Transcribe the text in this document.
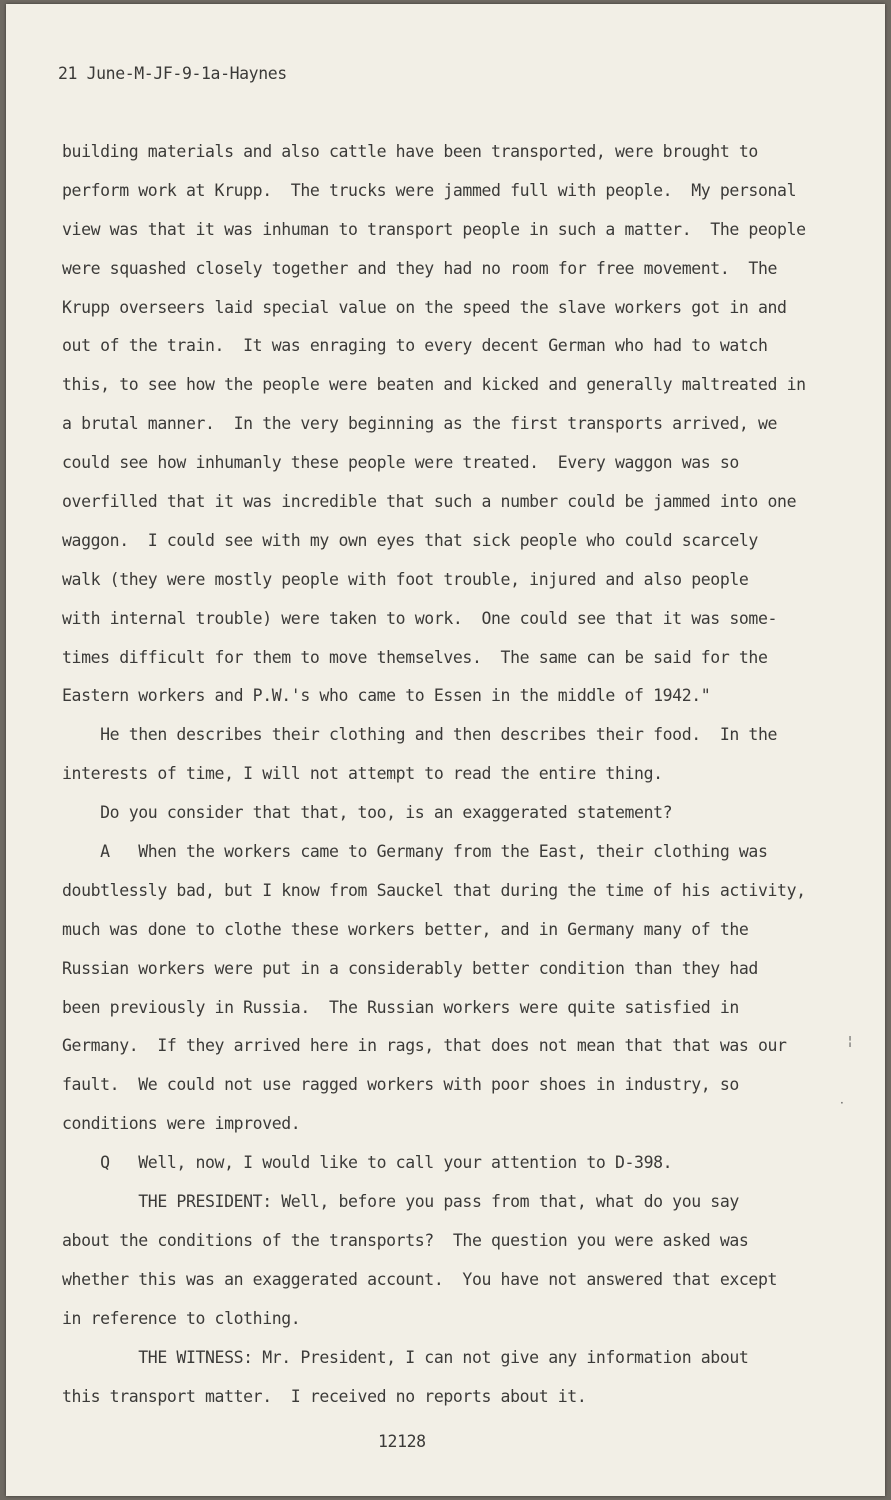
21 June-M-JF-9-1a-Haynes
building materials and also cattle have been transported, were brought to
perform work at Krupp.  The trucks were jammed full with people.  My personal
view was that it was inhuman to transport people in such a matter.  The people
were squashed closely together and they had no room for free movement.  The
Krupp overseers laid special value on the speed the slave workers got in and
out of the train.  It was enraging to every decent German who had to watch
this, to see how the people were beaten and kicked and generally maltreated in
a brutal manner.  In the very beginning as the first transports arrived, we
could see how inhumanly these people were treated.  Every waggon was so
overfilled that it was incredible that such a number could be jammed into one
waggon.  I could see with my own eyes that sick people who could scarcely
walk (they were mostly people with foot trouble, injured and also people
with internal trouble) were taken to work.  One could see that it was some-
times difficult for them to move themselves.  The same can be said for the
Eastern workers and P.W.'s who came to Essen in the middle of 1942."
He then describes their clothing and then describes their food.  In the
interests of time, I will not attempt to read the entire thing.
Do you consider that that, too, is an exaggerated statement?
A   When the workers came to Germany from the East, their clothing was
doubtlessly bad, but I know from Sauckel that during the time of his activity,
much was done to clothe these workers better, and in Germany many of the
Russian workers were put in a considerably better condition than they had
been previously in Russia.  The Russian workers were quite satisfied in
Germany.  If they arrived here in rags, that does not mean that that was our
fault.  We could not use ragged workers with poor shoes in industry, so
conditions were improved.
Q   Well, now, I would like to call your attention to D-398.
THE PRESIDENT: Well, before you pass from that, what do you say
about the conditions of the transports?  The question you were asked was
whether this was an exaggerated account.  You have not answered that except
in reference to clothing.
THE WITNESS: Mr. President, I can not give any information about
this transport matter.  I received no reports about it.
12128
¦
·
